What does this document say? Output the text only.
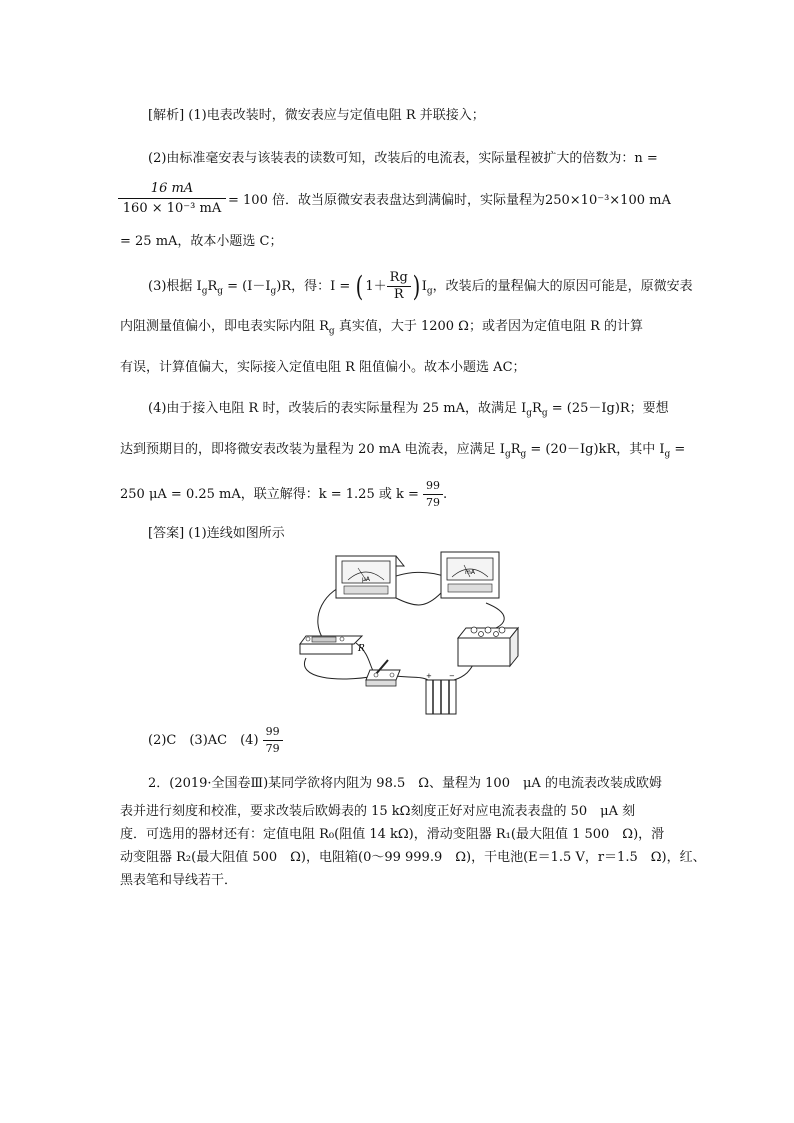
[解析] (1)电表改装时，微安表应与定值电阻 R 并联接入；
(2)由标准毫安表与该装表的读数可知，改装后的电流表，实际量程被扩大的倍数为：n =
$\frac{16 mA}{\text{160 × 10⁻³ mA}} = 100$ 倍．故当原微安表表盘达到满偏时，实际量程为250×10⁻³×100 mA
= 25 mA，故本小题选 C；
(3)根据 $I_gR_g = (I-I_g)R$，得：I = ( $1+ \frac{Rg}{R}$ ) $I_g$，改装后的量程偏大的原因可能是，原微安表
内阻测量值偏小，即电表实际内阻 $R_g$ 真实值，大于 1200 Ω；或者因为定值电阻 R 的计算
有误，计算值偏大，实际接入定值电阻 R 阻值偏小。故本小题选 AC；
(4)由于接入电阻 R 时，改装后的表实际量程为 25 mA，故满足 $I_gR_g = (25-Ig)R$；要想
达到预期目的，即将微安表改装为量程为 20 mA 电流表，应满足 $I_gR_g = (20-Ig)kR$，其中 $I_g$ =
250 μA = 0.25 mA，联立解得：k = 1.25 或 $k = \frac{99}{79}$ .
[答案] (1)连线如图所示
μA
mA
R
+ −
(2)C　(3)AC　$(4) \frac{99}{79}$
2．(2019·全国卷Ⅲ)某同学欲将内阻为 98.5　Ω、量程为 100　μA 的电流表改装成欧姆
表并进行刻度和校准，要求改装后欧姆表的 15 kΩ刻度正好对应电流表表盘的 50　μA 刻
度．可选用的器材还有：定值电阻 R₀(阻值 14 kΩ)，滑动变阻器 R₁(最大阻值 1 500　Ω)，滑
动变阻器 R₂(最大阻值 500　Ω)，电阻箱(0～99 999.9　Ω)，干电池(E＝1.5 V，r＝1.5　Ω)，红、
黑表笔和导线若干．
